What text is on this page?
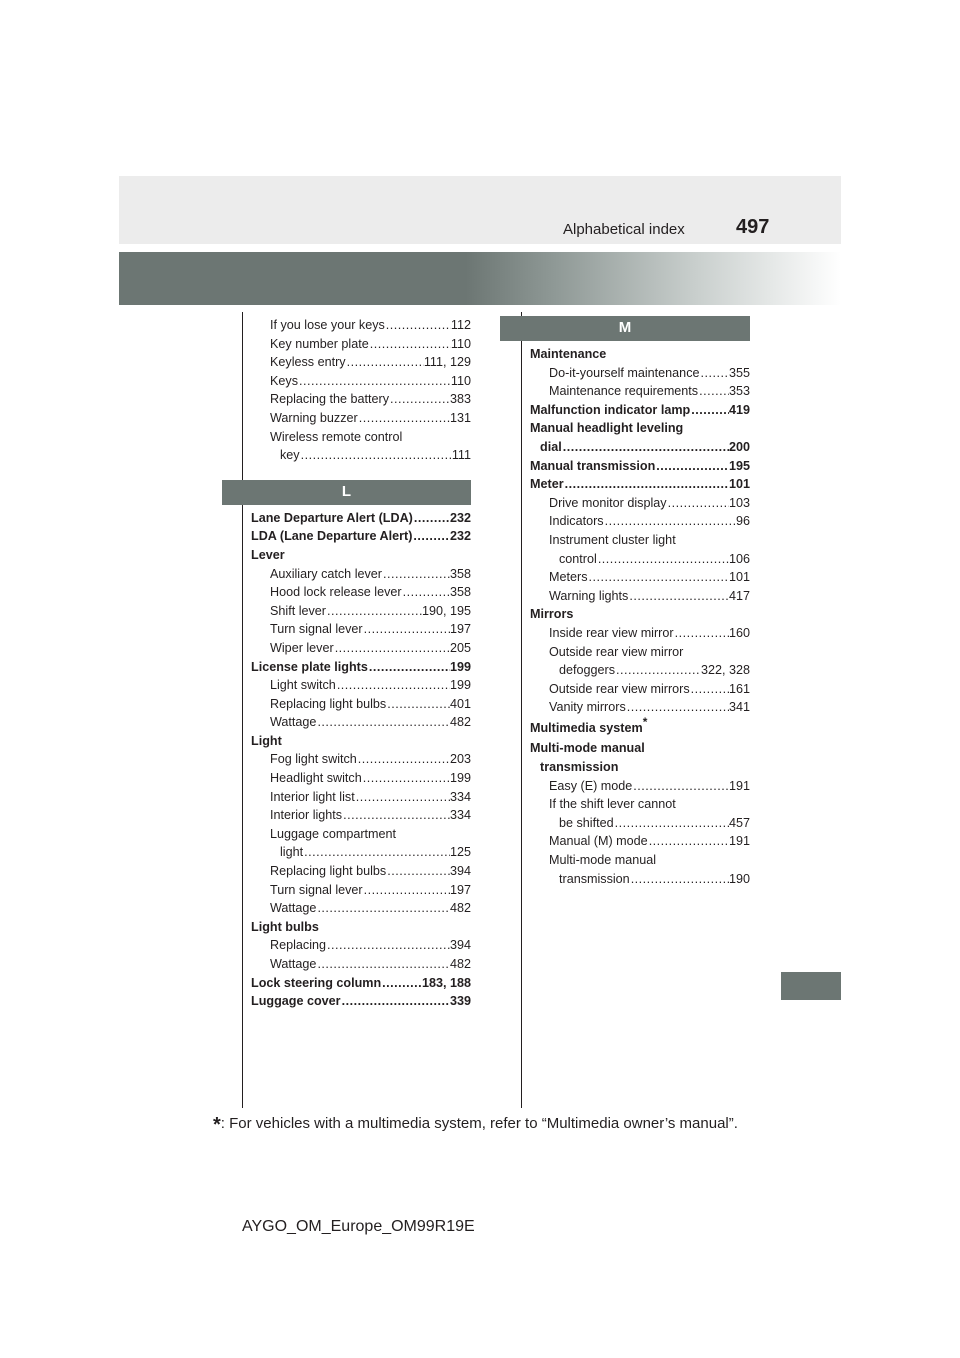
Alphabetical index	497
If you lose your keys .....	112
Key number plate .....	110
Keyless entry .....	111, 129
Keys .....	110
Replacing the battery .....	383
Warning buzzer .....	131
Wireless remote control
key .....	111
L
Lane Departure Alert (LDA) .....	232
LDA (Lane Departure Alert) .....	232
Lever
Auxiliary catch lever .....	358
Hood lock release lever .....	358
Shift lever .....	190, 195
Turn signal lever .....	197
Wiper lever .....	205
License plate lights .....	199
Light switch .....	199
Replacing light bulbs .....	401
Wattage .....	482
Light
Fog light switch .....	203
Headlight switch .....	199
Interior light list .....	334
Interior lights .....	334
Luggage compartment
light .....	125
Replacing light bulbs .....	394
Turn signal lever .....	197
Wattage .....	482
Light bulbs
Replacing .....	394
Wattage .....	482
Lock steering column .....	183, 188
Luggage cover .....	339
M
Maintenance
Do-it-yourself maintenance ..... 355
Maintenance requirements ..... 353
Malfunction indicator lamp .....	419
Manual headlight leveling
dial .....	200
Manual transmission .....	195
Meter .....	101
Drive monitor display .....	103
Indicators .....	96
Instrument cluster light
control .....	106
Meters .....	101
Warning lights .....	417
Mirrors
Inside rear view mirror .....	160
Outside rear view mirror
defoggers .....	322, 328
Outside rear view mirrors .....	161
Vanity mirrors .....	341
Multimedia system*
Multi-mode manual
transmission
Easy (E) mode .....	191
If the shift lever cannot
be shifted .....	457
Manual (M) mode .....	191
Multi-mode manual
transmission .....	190
*: For vehicles with a multimedia system, refer to “Multimedia owner’s manual”.
AYGO_OM_Europe_OM99R19E
